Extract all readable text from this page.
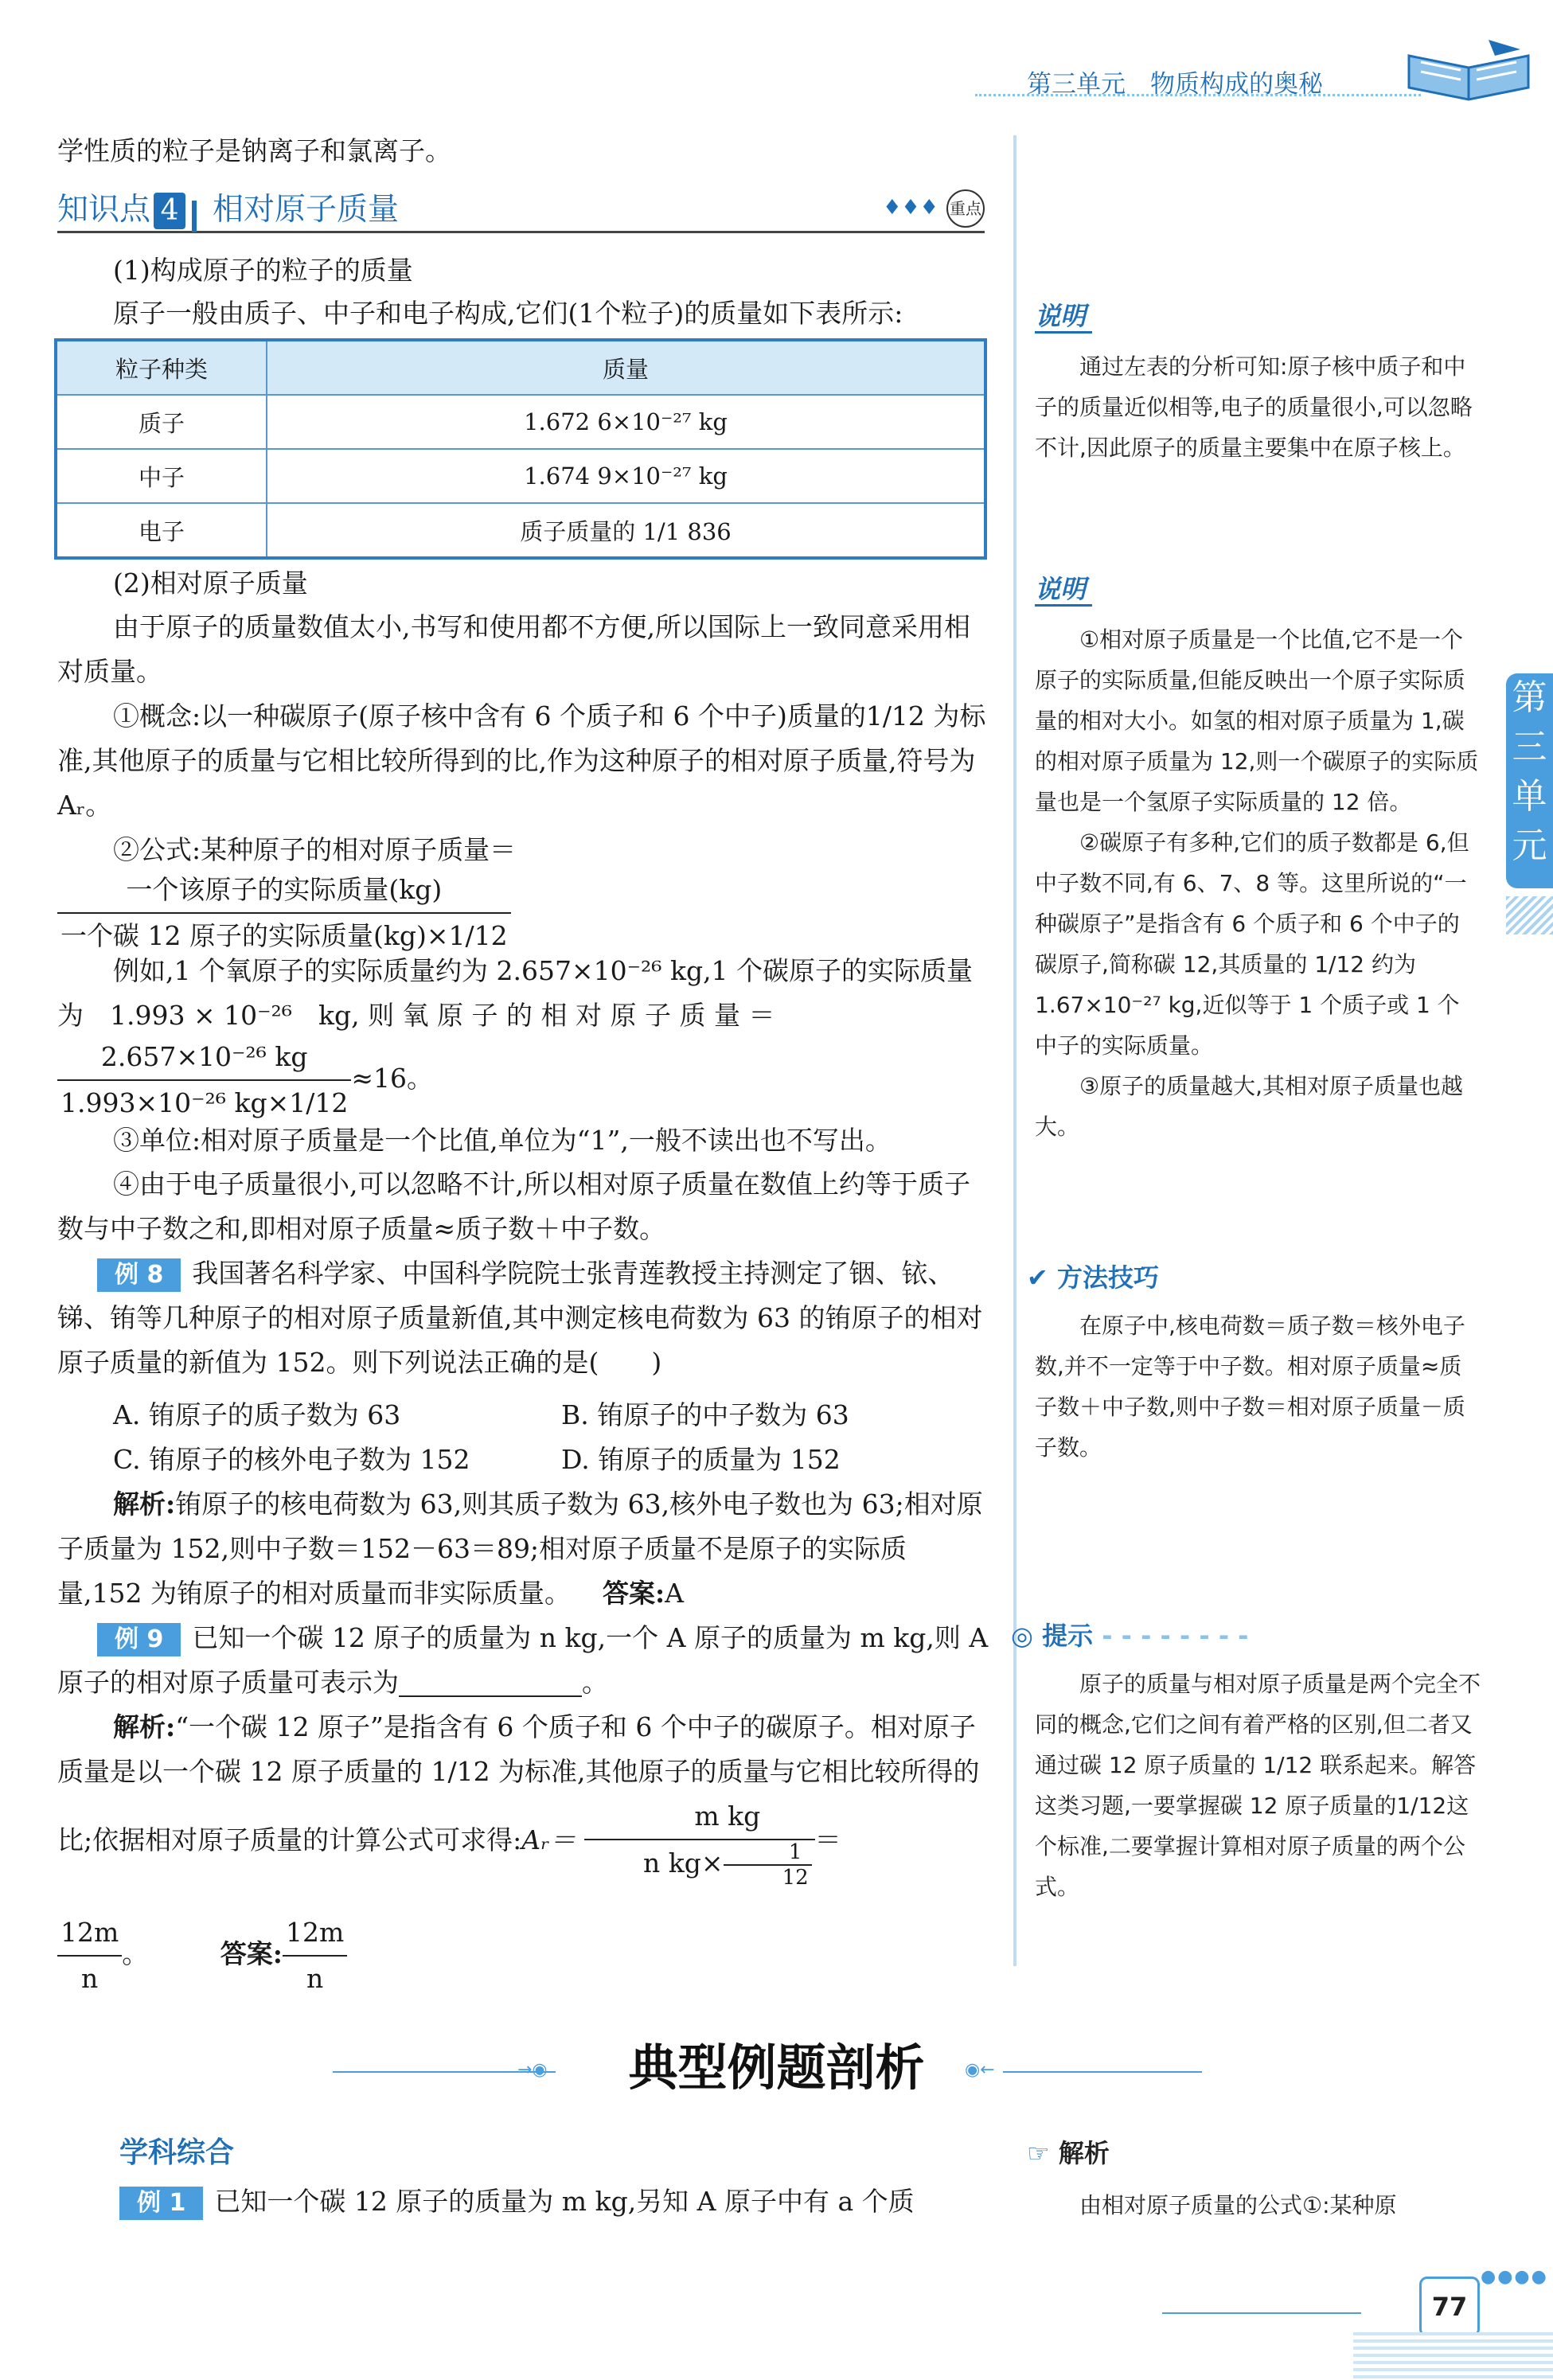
第三单元　物质构成的奥秘
第三单元
学性质的粒子是钠离子和氯离子。
知识点 4 相对原子质量	♦♦♦ 重点
(1)构成原子的粒子的质量
原子一般由质子、中子和电子构成,它们(1个粒子)的质量如下表所示:
粒子种类	质量
质子	1.672 6×10⁻²⁷ kg
中子	1.674 9×10⁻²⁷ kg
电子	质子质量的 1/1 836
(2)相对原子质量
由于原子的质量数值太小,书写和使用都不方便,所以国际上一致同意采用相对质量。
①概念:以一种碳原子(原子核中含有 6 个质子和 6 个中子)质量的1/12 为标准,其他原子的质量与它相比较所得到的比,作为这种原子的相对原子质量,符号为 Aᵣ。
②公式:某种原子的相对原子质量＝
$\frac{\text{一个该原子的实际质量(kg)}}{\text{一个碳 12 原子的实际质量(kg)×1/12}}$
例如,1 个氧原子的实际质量约为 2.657×10⁻²⁶ kg,1 个碳原子的实际质量 为　1.993 × 10⁻²⁶　kg, 则 氧 原 子 的 相 对 原 子 质 量 ＝
$\frac{\text{2.657×10⁻²⁶ kg}}{\text{1.993×10⁻²⁶ kg×1/12}} \approx 16$。
③单位:相对原子质量是一个比值,单位为“1”,一般不读出也不写出。
④由于电子质量很小,可以忽略不计,所以相对原子质量在数值上约等于质子数与中子数之和,即相对原子质量≈质子数＋中子数。
例 8 我国著名科学家、中国科学院院士张青莲教授主持测定了铟、铱、锑、铕等几种原子的相对原子质量新值,其中测定核电荷数为 63 的铕原子的相对原子质量的新值为 152。则下列说法正确的是(　　)
A. 铕原子的质子数为 63	B. 铕原子的中子数为 63
C. 铕原子的核外电子数为 152	D. 铕原子的质量为 152
解析:铕原子的核电荷数为 63,则其质子数为 63,核外电子数也为 63;相对原子质量为 152,则中子数＝152－63＝89;相对原子质量不是原子的实际质量,152 为铕原子的相对质量而非实际质量。 答案:A
例 9 已知一个碳 12 原子的质量为 n kg,一个 A 原子的质量为 m kg,则 A 原子的相对原子质量可表示为	。
解析:“一个碳 12 原子”是指含有 6 个质子和 6 个中子的碳原子。相对原子质量是以一个碳 12 原子质量的 1/12 为标准,其他原子的质量与它相比较所得的比;依据相对原子质量的计算公式可求得:Aᵣ＝ $\frac{\text{m kg}}{n kg\times \frac{1}{12}}$ ＝
$\frac{12m}{n}$ 。	答案: $\frac{12m}{n}$
说明
通过左表的分析可知:原子核中质子和中子的质量近似相等,电子的质量很小,可以忽略不计,因此原子的质量主要集中在原子核上。
说明
①相对原子质量是一个比值,它不是一个原子的实际质量,但能反映出一个原子实际质量的相对大小。如氢的相对原子质量为 1,碳的相对原子质量为 12,则一个碳原子的实际质量也是一个氢原子实际质量的 12 倍。
②碳原子有多种,它们的质子数都是 6,但中子数不同,有 6、7、8 等。这里所说的“一种碳原子”是指含有 6 个质子和 6 个中子的碳原子,简称碳 12,其质量的 1/12 约为 1.67×10⁻²⁷ kg,近似等于 1 个质子或 1 个中子的实际质量。
③原子的质量越大,其相对原子质量也越大。
✔ 方法技巧
在原子中,核电荷数＝质子数＝核外电子数,并不一定等于中子数。相对原子质量≈质子数＋中子数,则中子数＝相对原子质量－质子数。
◎ 提示 - - - - - - - -
原子的质量与相对原子质量是两个完全不同的概念,它们之间有着严格的区别,但二者又通过碳 12 原子质量的 1/12 联系起来。解答这类习题,一要掌握碳 12 原子质量的1/12这个标准,二要掌握计算相对原子质量的两个公式。
→◉	典型例题剖析	◉←
学科综合
例 1 已知一个碳 12 原子的质量为 m kg,另知 A 原子中有 a 个质
☞ 解析
由相对原子质量的公式①:某种原
77
●●●●
